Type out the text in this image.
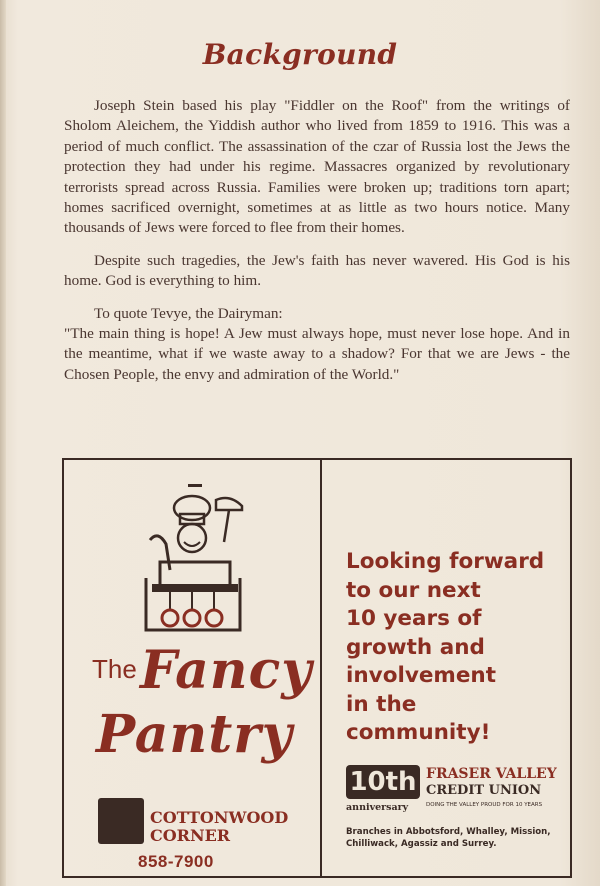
Background

Joseph Stein based his play "Fiddler on the Roof" from the writings of Sholom Aleichem, the Yiddish author who lived from 1859 to 1916. This was a period of much conflict. The assassination of the czar of Russia lost the Jews the protection they had under his regime. Massacres organized by revolutionary terrorists spread across Russia. Families were broken up; traditions torn apart; homes sacrificed overnight, sometimes at as little as two hours notice. Many thousands of Jews were forced to flee from their homes.

Despite such tragedies, the Jew's faith has never wavered. His God is his home. God is everything to him.

To quote Tevye, the Dairyman:

"The main thing is hope! A Jew must always hope, must never lose hope. And in the meantime, what if we waste away to a shadow? For that we are Jews - the Chosen People, the envy and admiration of the World."

The Fancy
Pantry
COTTONWOOD
CORNER
858-7900
Looking forward
to our next
10 years of
growth and
involvement
in the community!
10th
anniversary
FRASER VALLEY
CREDIT UNION
DOING THE VALLEY PROUD FOR 10 YEARS
Branches in Abbotsford, Whalley, Mission, Chilliwack, Agassiz and Surrey.
